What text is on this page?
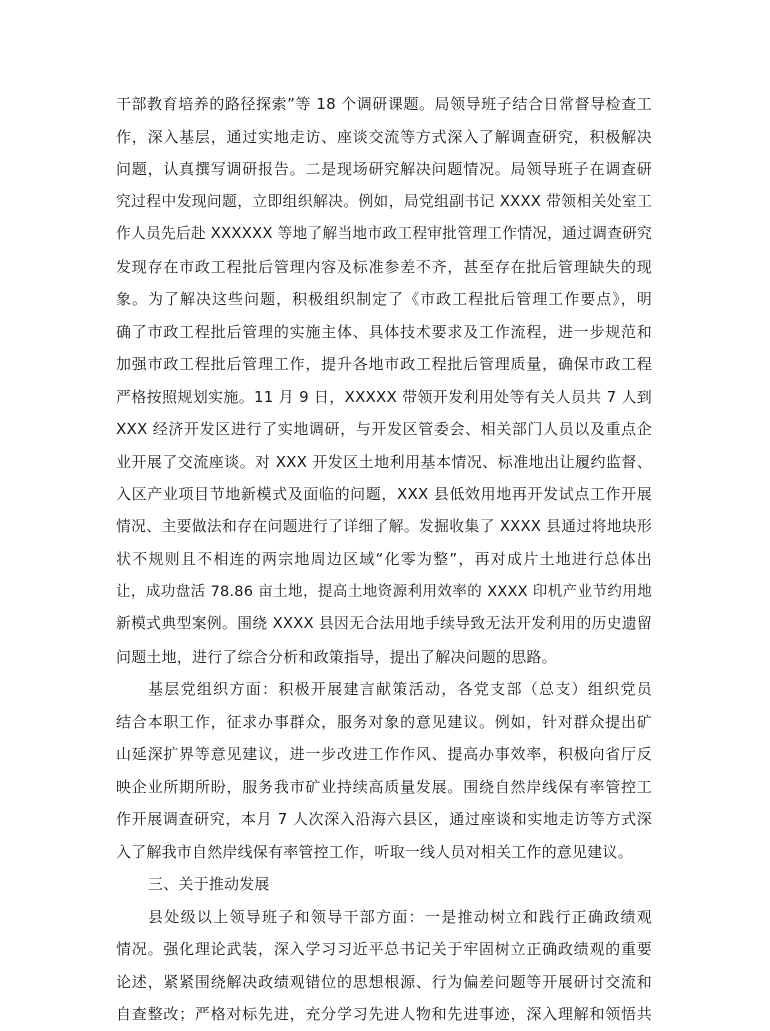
干部教育培养的路径探索”等 18 个调研课题。局领导班子结合日常督导检查工
作，深入基层，通过实地走访、座谈交流等方式深入了解调查研究，积极解决
问题，认真撰写调研报告。二是现场研究解决问题情况。局领导班子在调查研
究过程中发现问题，立即组织解决。例如，局党组副书记 XXXX 带领相关处室工
作人员先后赴 XXXXXX 等地了解当地市政工程审批管理工作情况，通过调查研究
发现存在市政工程批后管理内容及标准参差不齐，甚至存在批后管理缺失的现
象。为了解决这些问题，积极组织制定了《市政工程批后管理工作要点》，明
确了市政工程批后管理的实施主体、具体技术要求及工作流程，进一步规范和
加强市政工程批后管理工作，提升各地市政工程批后管理质量，确保市政工程
严格按照规划实施。11 月 9 日，XXXXX 带领开发利用处等有关人员共 7 人到
XXX 经济开发区进行了实地调研，与开发区管委会、相关部门人员以及重点企
业开展了交流座谈。对 XXX 开发区土地利用基本情况、标准地出让履约监督、
入区产业项目节地新模式及面临的问题，XXX 县低效用地再开发试点工作开展
情况、主要做法和存在问题进行了详细了解。发掘收集了 XXXX 县通过将地块形
状不规则且不相连的两宗地周边区域“化零为整”，再对成片土地进行总体出
让，成功盘活 78.86 亩土地，提高土地资源利用效率的 XXXX 印机产业节约用地
新模式典型案例。围绕 XXXX 县因无合法用地手续导致无法开发利用的历史遗留
问题土地，进行了综合分析和政策指导，提出了解决问题的思路。
基层党组织方面：积极开展建言献策活动，各党支部（总支）组织党员
结合本职工作，征求办事群众，服务对象的意见建议。例如，针对群众提出矿
山延深扩界等意见建议，进一步改进工作作风、提高办事效率，积极向省厅反
映企业所期所盼，服务我市矿业持续高质量发展。围绕自然岸线保有率管控工
作开展调查研究，本月 7 人次深入沿海六县区，通过座谈和实地走访等方式深
入了解我市自然岸线保有率管控工作，听取一线人员对相关工作的意见建议。
三、关于推动发展
县处级以上领导班子和领导干部方面：一是推动树立和践行正确政绩观
情况。强化理论武装，深入学习习近平总书记关于牢固树立正确政绩观的重要
论述，紧紧围绕解决政绩观错位的思想根源、行为偏差问题等开展研讨交流和
自查整改；严格对标先进，充分学习先进人物和先进事迹，深入理解和领悟共
